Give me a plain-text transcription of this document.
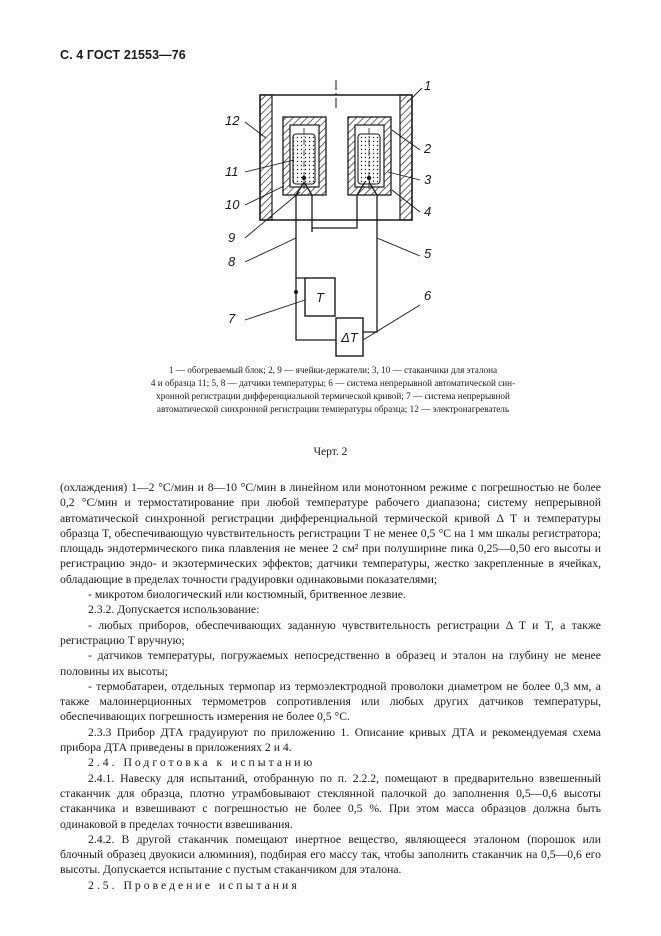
С. 4 ГОСТ 21553—76
T
ΔT
1
2
3
4
5
6
7
8
9
10
11
12
1 — обогреваемый блок; 2, 9 — ячейки-держатели; 3, 10 — стаканчики для эталона
4 и образца 11; 5, 8 — датчики температуры; 6 — система непрерывной автоматической син-
хронной регистрации дифференциальной термической кривой; 7 — система непрерывной
автоматической синхронной регистрации температуры образца; 12 — электронагреватель
Черт. 2

(охлаждения) 1—2 °С/мин и 8—10 °С/мин в линейном или монотонном режиме с погрешностью не более 0,2 °С/мин и термостатирование при любой температуре рабочего диапазона; систему непрерывной автоматической синхронной регистрации дифференциальной термической кривой Δ T и температуры образца T, обеспечивающую чувствительность регистрации T не менее 0,5 °С на 1 мм шкалы регистратора; площадь эндотермического пика плавления не менее 2 см² при полуширине пика 0,25—0,50 его высоты и регистрацию эндо- и экзотермических эффектов; датчики температуры, жестко закрепленные в ячейках, обладающие в пределах точности градуировки одинаковыми показателями;

- микротом биологический или костюмный, бритвенное лезвие.

2.3.2. Допускается использование:

- любых приборов, обеспечивающих заданную чувствительность регистрации Δ T и T, а также регистрацию T вручную;

- датчиков температуры, погружаемых непосредственно в образец и эталон на глубину не менее половины их высоты;

- термобатареи, отдельных термопар из термоэлектродной проволоки диаметром не более 0,3 мм, а также малоинерционных термометров сопротивления или любых других датчиков температуры, обеспечивающих погрешность измерения не более 0,5 °С.

2.3.3 Прибор ДТА градуируют по приложению 1. Описание кривых ДТА и рекомендуемая схема прибора ДТА приведены в приложениях 2 и 4.

2.4. Подготовка к испытанию

2.4.1. Навеску для испытаний, отобранную по п. 2.2.2, помещают в предварительно взвешенный стаканчик для образца, плотно утрамбовывают стеклянной палочкой до заполнения 0,5—0,6 высоты стаканчика и взвешивают с погрешностью не более 0,5 %. При этом масса образцов должна быть одинаковой в пределах точности взвешивания.

2.4.2. В другой стаканчик помещают инертное вещество, являющееся эталоном (порошок или блочный образец двуокиси алюминия), подбирая его массу так, чтобы заполнить стаканчик на 0,5—0,6 его высоты. Допускается испытание с пустым стаканчиком для эталона.

2.5. Проведение испытания
